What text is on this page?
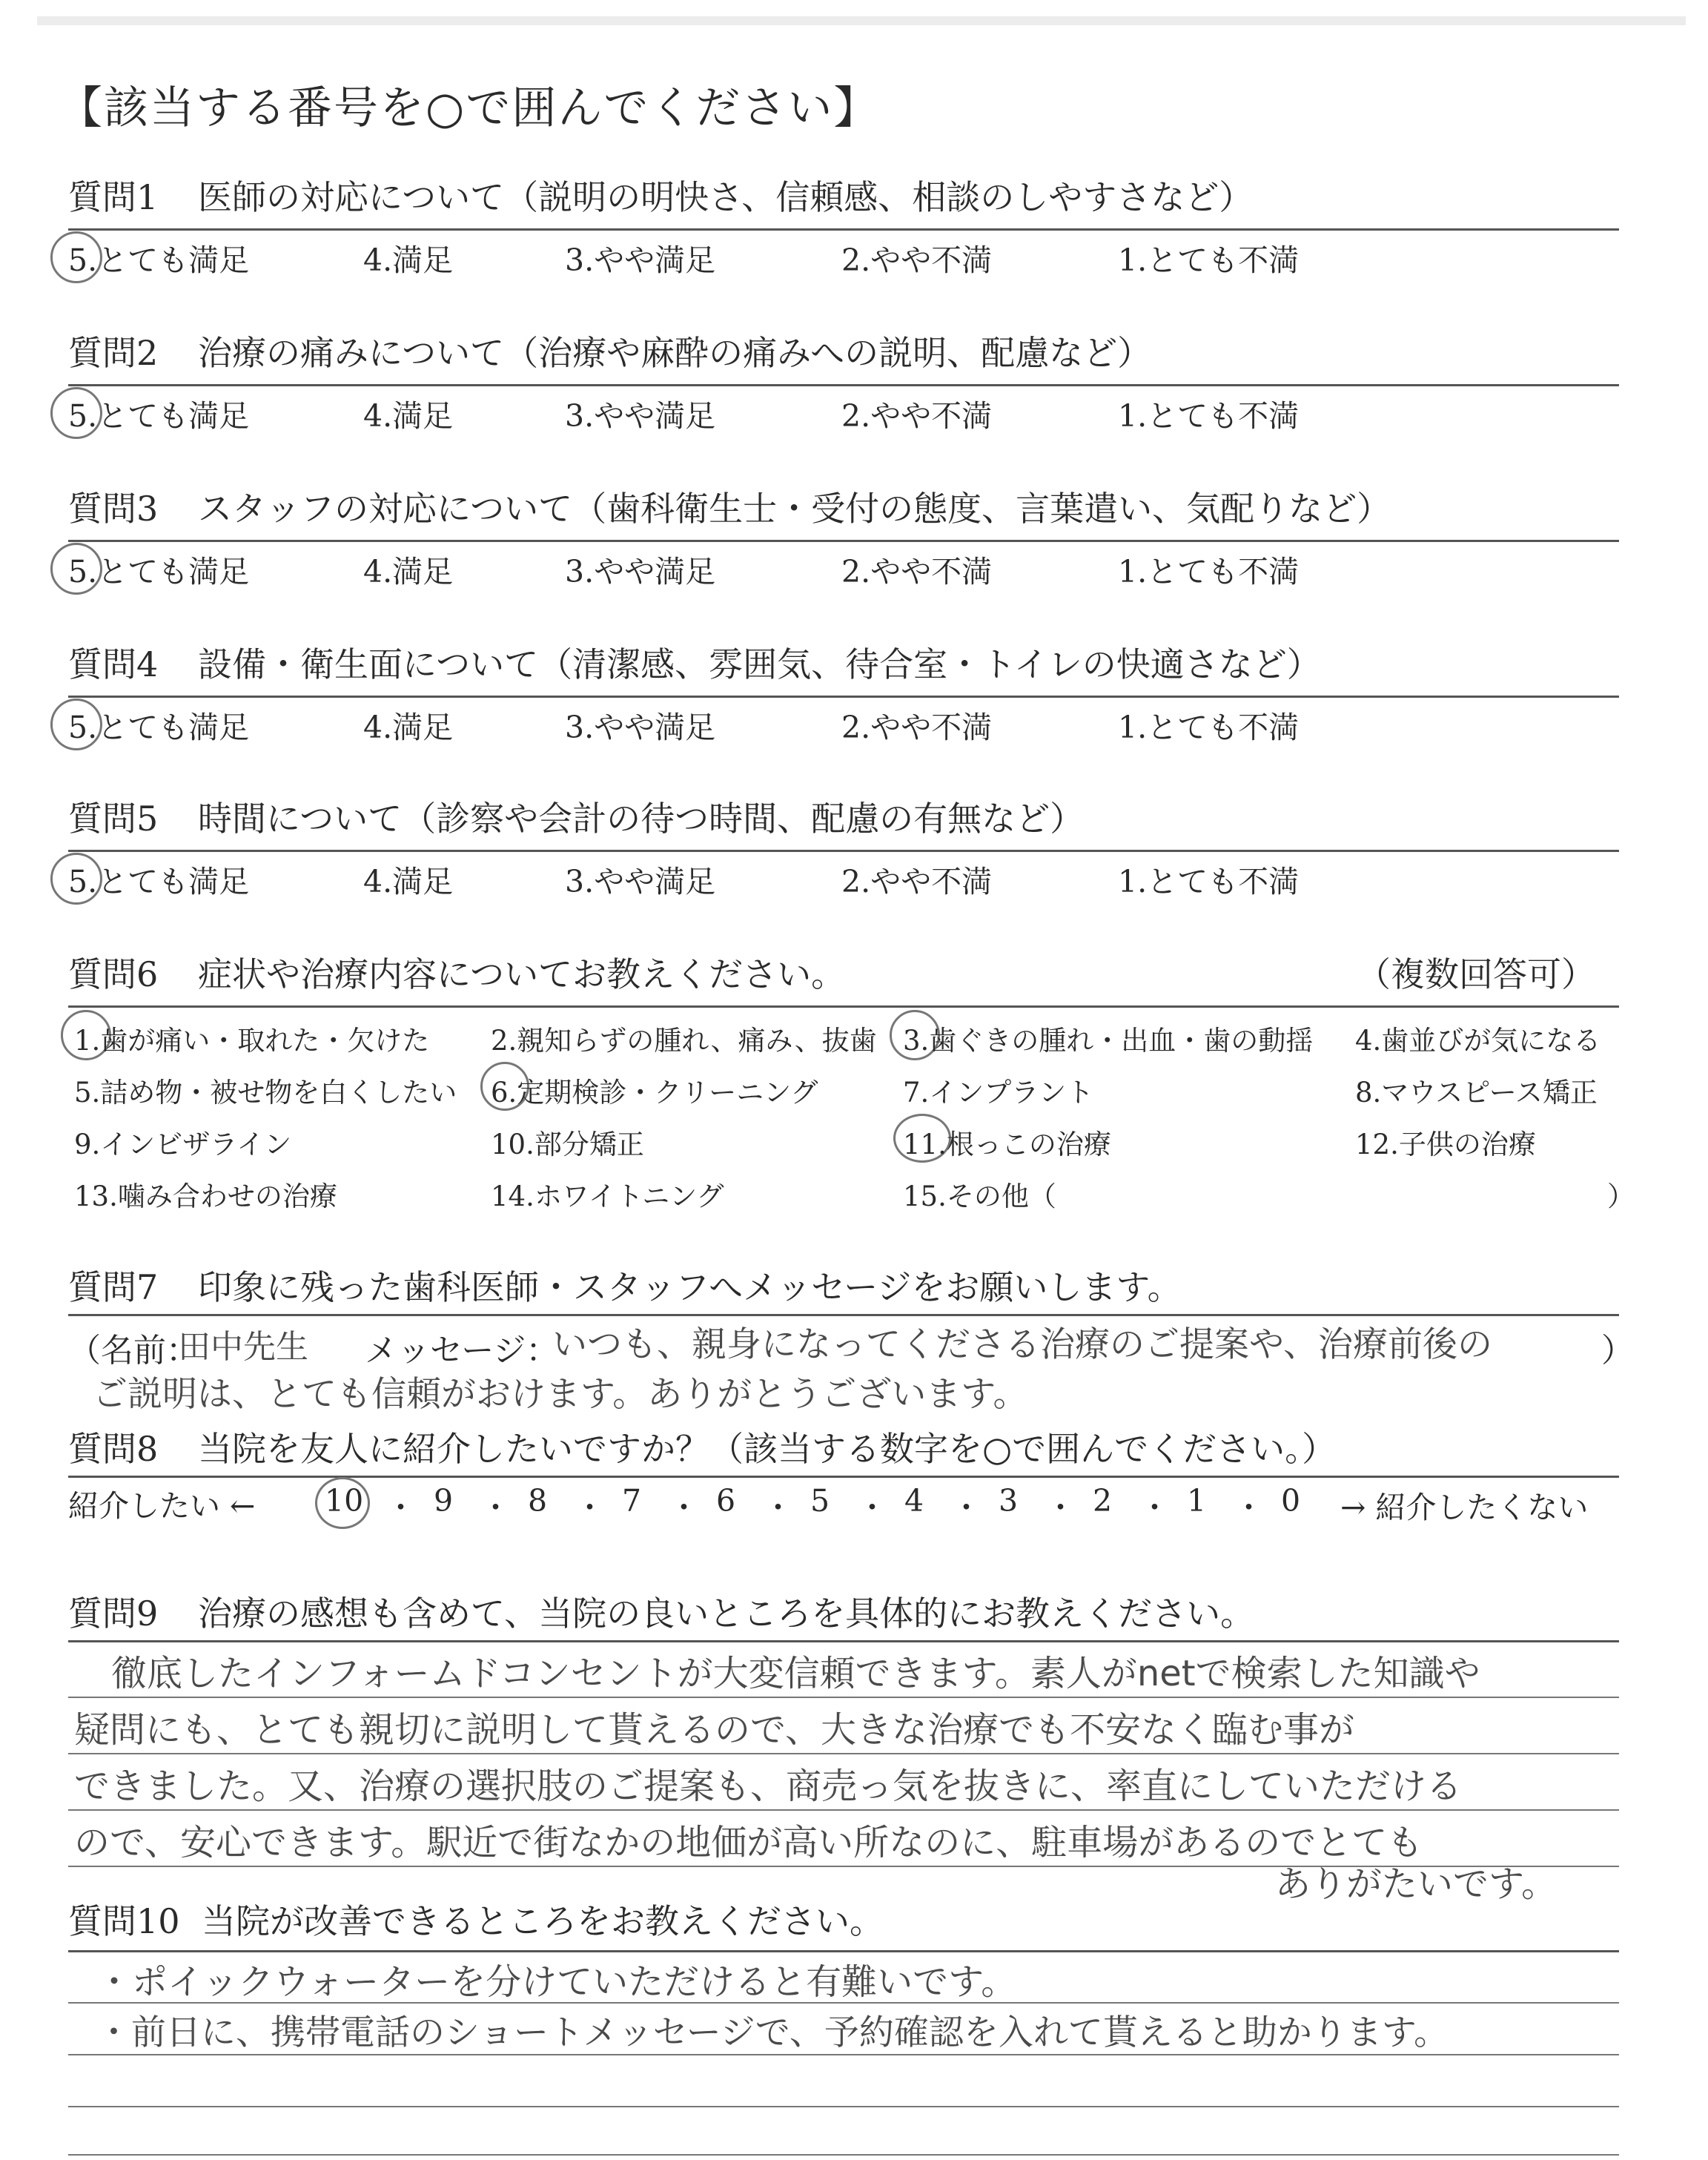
【該当する番号を○で囲んでください】
質問1 医師の対応について（説明の明快さ、信頼感、相談のしやすさなど）
5.とても満足	4.満足	3.やや満足	2.やや不満	1.とても不満
質問2 治療の痛みについて（治療や麻酔の痛みへの説明、配慮など）
5.とても満足	4.満足	3.やや満足	2.やや不満	1.とても不満
質問3 スタッフの対応について（歯科衛生士・受付の態度、言葉遣い、気配りなど）
5.とても満足	4.満足	3.やや満足	2.やや不満	1.とても不満
質問4 設備・衛生面について（清潔感、雰囲気、待合室・トイレの快適さなど）
5.とても満足	4.満足	3.やや満足	2.やや不満	1.とても不満
質問5 時間について（診察や会計の待つ時間、配慮の有無など）
5.とても満足	4.満足	3.やや満足	2.やや不満	1.とても不満
質問6 症状や治療内容についてお教えください。	（複数回答可）
1.歯が痛い・取れた・欠けた 2.親知らずの腫れ、痛み、抜歯 3.歯ぐきの腫れ・出血・歯の動揺 4.歯並びが気になる
5.詰め物・被せ物を白くしたい 6.定期検診・クリーニング	7.インプラント	8.マウスピース矯正
9.インビザライン	10.部分矯正	11.根っこの治療	12.子供の治療
13.噛み合わせの治療	14.ホワイトニング	15.その他（	）
質問7 印象に残った歯科医師・スタッフへメッセージをお願いします。
（名前：
田中先生 メッセージ：
いつも、親身になってくださる治療のご提案や、治療前後の	）
ご説明は、とても信頼がおけます。ありがとうございます。
質問8 当院を友人に紹介したいですか？（該当する数字を○で囲んでください。）
紹介したい ← 10 ・ 9 ・ 8 ・ 7 ・ 6 ・ 5 ・ 4 ・ 3 ・ 2 ・ 1 ・ 0 → 紹介したくない
質問9 治療の感想も含めて、当院の良いところを具体的にお教えください。
徹底したインフォームドコンセントが大変信頼できます。素人がnetで検索した知識や
疑問にも、とても親切に説明して貰えるので、大きな治療でも不安なく臨む事が
できました。又、治療の選択肢のご提案も、商売っ気を抜きに、率直にしていただける
ので、安心できます。駅近で街なかの地価が高い所なのに、駐車場があるのでとても
ありがたいです。
質問10 当院が改善できるところをお教えください。
・ポイックウォーターを分けていただけると有難いです。
・前日に、携帯電話のショートメッセージで、予約確認を入れて貰えると助かります。
